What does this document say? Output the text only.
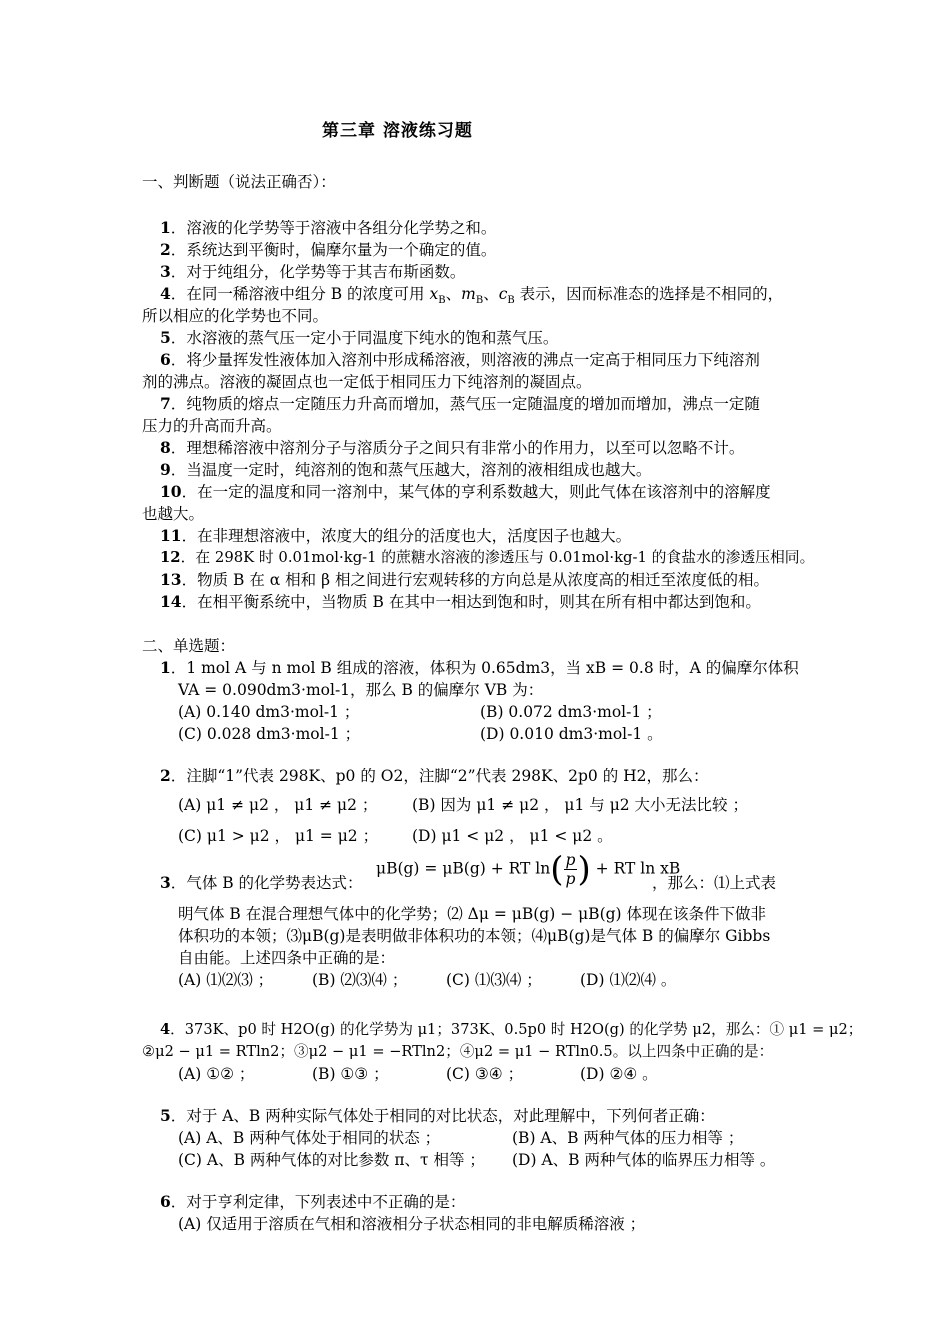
第三章 溶液练习题
一、判断题（说法正确否）：
1．溶液的化学势等于溶液中各组分化学势之和。
2．系统达到平衡时，偏摩尔量为一个确定的值。
3．对于纯组分，化学势等于其吉布斯函数。
4．在同一稀溶液中组分 B 的浓度可用 $x_B$、$m_B$、$c_B$ 表示，因而标准态的选择是不相同的，
所以相应的化学势也不同。
5．水溶液的蒸气压一定小于同温度下纯水的饱和蒸气压。
6．将少量挥发性液体加入溶剂中形成稀溶液，则溶液的沸点一定高于相同压力下纯溶剂
剂的沸点。溶液的凝固点也一定低于相同压力下纯溶剂的凝固点。
7．纯物质的熔点一定随压力升高而增加，蒸气压一定随温度的增加而增加，沸点一定随
压力的升高而升高。
8．理想稀溶液中溶剂分子与溶质分子之间只有非常小的作用力，以至可以忽略不计。
9．当温度一定时，纯溶剂的饱和蒸气压越大，溶剂的液相组成也越大。
10．在一定的温度和同一溶剂中，某气体的亨利系数越大，则此气体在该溶剂中的溶解度
也越大。
11．在非理想溶液中，浓度大的组分的活度也大，活度因子也越大。
12．在 298K 时 0.01mol·kg-1 的蔗糖水溶液的渗透压与 0.01mol·kg-1 的食盐水的渗透压相同。
13．物质 B 在 α 相和 β 相之间进行宏观转移的方向总是从浓度高的相迁至浓度低的相。
14．在相平衡系统中，当物质 B 在其中一相达到饱和时，则其在所有相中都达到饱和。
二、单选题：
1．1 mol A 与 n mol B 组成的溶液，体积为 0.65dm3，当 xB = 0.8 时，A 的偏摩尔体积
VA = 0.090dm3·mol-1，那么 B 的偏摩尔 VB 为：
(A) 0.140 dm3·mol-1 ；	(B) 0.072 dm3·mol-1 ；
(C) 0.028 dm3·mol-1 ；	(D) 0.010 dm3·mol-1 。
2．注脚“1”代表 298K、p0 的 O2，注脚“2”代表 298K、2p0 的 H2，那么：
(A) μ1 ≠ μ2 ， μ1 ≠ μ2 ； (B) 因为 μ1 ≠ μ2 ， μ1 与 μ2 大小无法比较 ；
(C) μ1 > μ2 ， μ1 = μ2 ； (D) μ1 < μ2 ， μ1 < μ2 。
μB(g) = μB(g) + RT $\ln( \frac{p}{p}$ ) + RT ln xB
3．气体 B 的化学势表达式：	，那么：⑴上式表
明气体 B 在混合理想气体中的化学势；⑵ Δμ = μB(g) − μB(g) 体现在该条件下做非
体积功的本领；⑶μB(g)是表明做非体积功的本领；⑷μB(g)是气体 B 的偏摩尔 Gibbs
自由能。上述四条中正确的是：
(A) ⑴⑵⑶ ；	(B) ⑵⑶⑷ ； (C) ⑴⑶⑷ ； (D) ⑴⑵⑷ 。
4．373K、p0 时 H2O(g) 的化学势为 μ1；373K、0.5p0 时 H2O(g) 的化学势 μ2，那么：① μ1 = μ2；
②μ2 − μ1 = RTln2；③μ2 − μ1 = −RTln2；④μ2 = μ1 − RTln0.5。以上四条中正确的是：
(A) ①② ；	(B) ①③ ；	(C) ③④ ；	(D) ②④ 。
5．对于 A、B 两种实际气体处于相同的对比状态，对此理解中，下列何者正确：
(A) A、B 两种气体处于相同的状态 ；	(B) A、B 两种气体的压力相等 ；
(C) A、B 两种气体的对比参数 π、τ 相等 ； (D) A、B 两种气体的临界压力相等 。
6．对于亨利定律，下列表述中不正确的是：
(A) 仅适用于溶质在气相和溶液相分子状态相同的非电解质稀溶液 ；
